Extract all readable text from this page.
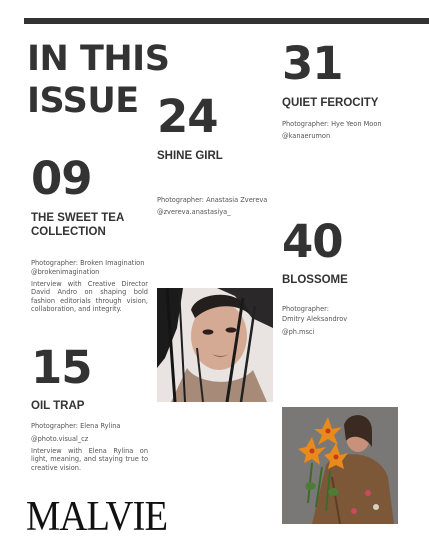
IN THIS ISSUE
09
THE SWEET TEA COLLECTION
Photographer: Broken Imagination
@brokenimagination
Interview with Creative Director David Andro on shaping bold fashion editorials through vision, collaboration, and integrity.
15
OIL TRAP
Photographer: Elena Rylina
@photo.visual_cz
Interview with Elena Rylina on light, meaning, and staying true to creative vision.
24
SHINE GIRL
Photographer: Anastasia Zvereva
@zvereva.anastasiya_
31
QUIET FEROCITY
Photographer: Hye Yeon Moon
@kanaerumon
40
BLOSSOME
Photographer:
Dmitry Aleksandrov
@ph.msci
MALVIE
